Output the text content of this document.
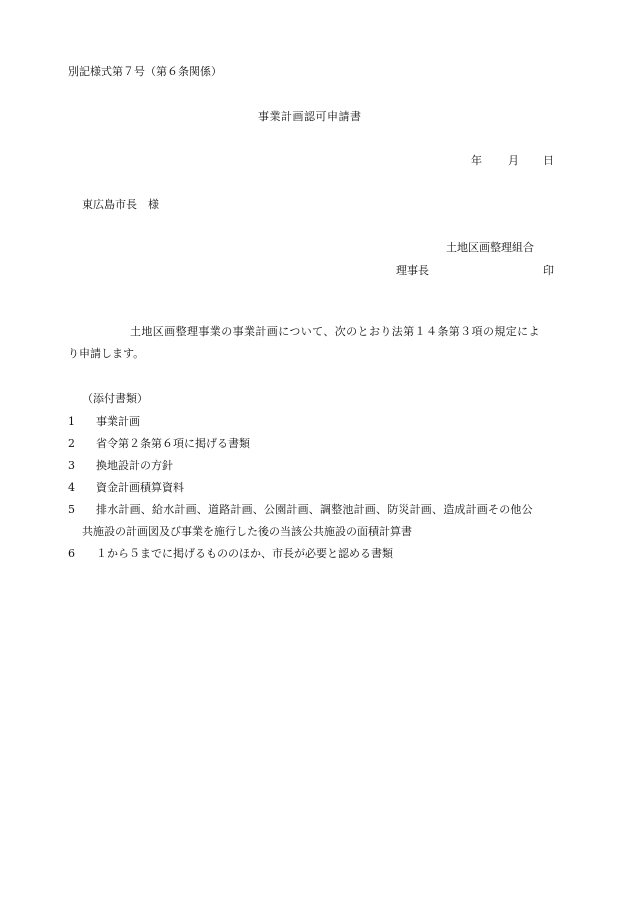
別記様式第７号（第６条関係）
事業計画認可申請書
年 月 日
東広島市長　様
土地区画整理組合
理事長	印
土地区画整理事業の事業計画について、次のとおり法第１４条第３項の規定によ
り申請します。
（添付書類）
1 事業計画
2 省令第２条第６項に掲げる書類
3 換地設計の方針
4 資金計画積算資料
5 排水計画、給水計画、道路計画、公園計画、調整池計画、防災計画、造成計画その他公
共施設の計画図及び事業を施行した後の当該公共施設の面積計算書
6 １から５までに掲げるもののほか、市長が必要と認める書類
